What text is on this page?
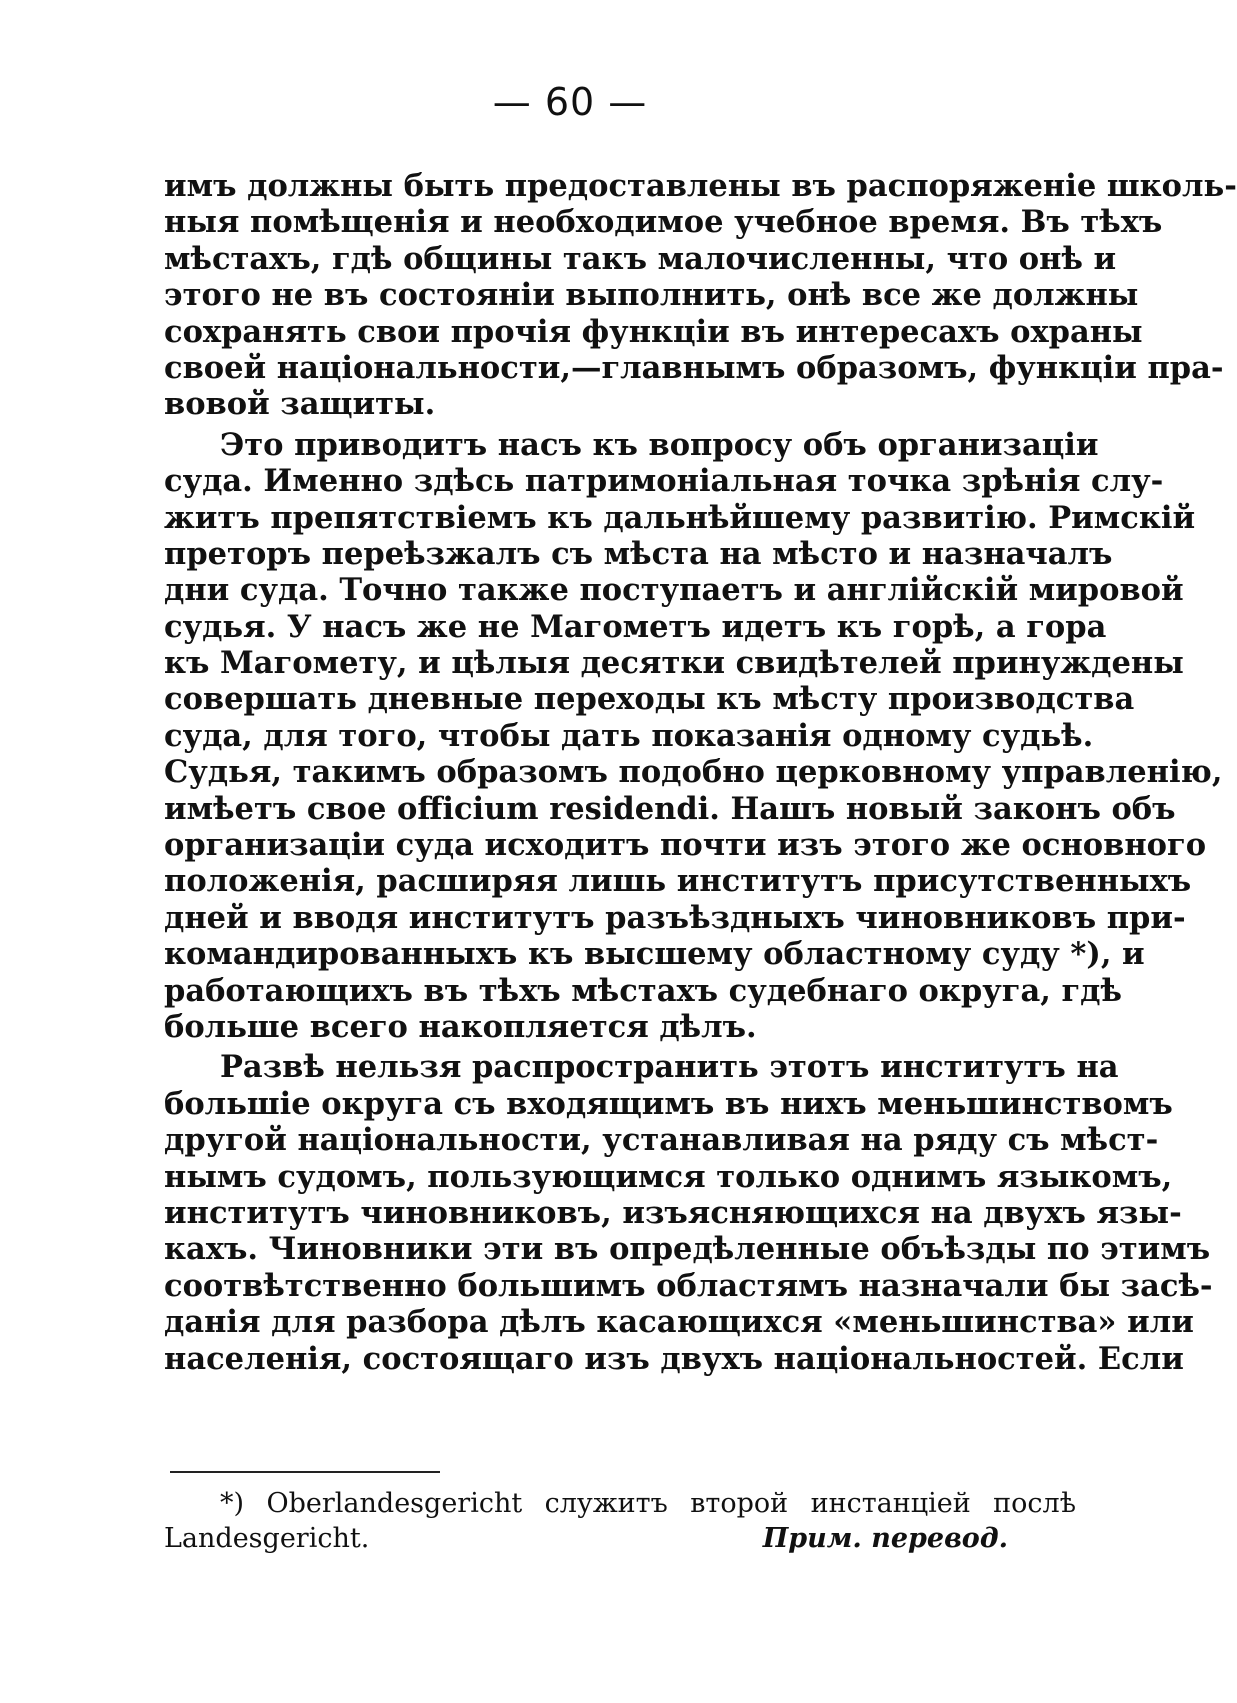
— 60 —
имъ должны быть предоставлены въ распоряженіе школь-
ныя помѣщенія и необходимое учебное время. Въ тѣхъ
мѣстахъ, гдѣ общины такъ малочисленны, что онѣ и
этого не въ состояніи выполнить, онѣ все же должны
сохранять свои прочія функціи въ интересахъ охраны
своей національности,—главнымъ образомъ, функціи пра-
вовой защиты.
Это приводитъ насъ къ вопросу объ организаціи
суда. Именно здѣсь патримоніальная точка зрѣнія слу-
житъ препятствіемъ къ дальнѣйшему развитію. Римскій
преторъ переѣзжалъ съ мѣста на мѣсто и назначалъ
дни суда. Точно также поступаетъ и англійскій мировой
судья. У насъ же не Магометъ идетъ къ горѣ, а гора
къ Магомету, и цѣлыя десятки свидѣтелей принуждены
совершать дневные переходы къ мѣсту производства
суда, для того, чтобы дать показанія одному судьѣ.
Судья, такимъ образомъ подобно церковному управленію,
имѣетъ свое officium residendi. Нашъ новый законъ объ
организаціи суда исходитъ почти изъ этого же основного
положенія, расширяя лишь институтъ присутственныхъ
дней и вводя институтъ разъѣздныхъ чиновниковъ при-
командированныхъ къ высшему областному суду *), и
работающихъ въ тѣхъ мѣстахъ судебнаго округа, гдѣ
больше всего накопляется дѣлъ.
Развѣ нельзя распространить этотъ институтъ на
большіе округа съ входящимъ въ нихъ меньшинствомъ
другой національности, устанавливая на ряду съ мѣст-
нымъ судомъ, пользующимся только однимъ языкомъ,
институтъ чиновниковъ, изъясняющихся на двухъ язы-
кахъ. Чиновники эти въ опредѣленные объѣзды по этимъ
соотвѣтственно большимъ областямъ назначали бы засѣ-
данія для разбора дѣлъ касающихся «меньшинства» или
населенія, состоящаго изъ двухъ національностей. Если
*) Oberlandesgericht служитъ второй инстанціей послѣ
Landesgericht.	Прим. перевод.
